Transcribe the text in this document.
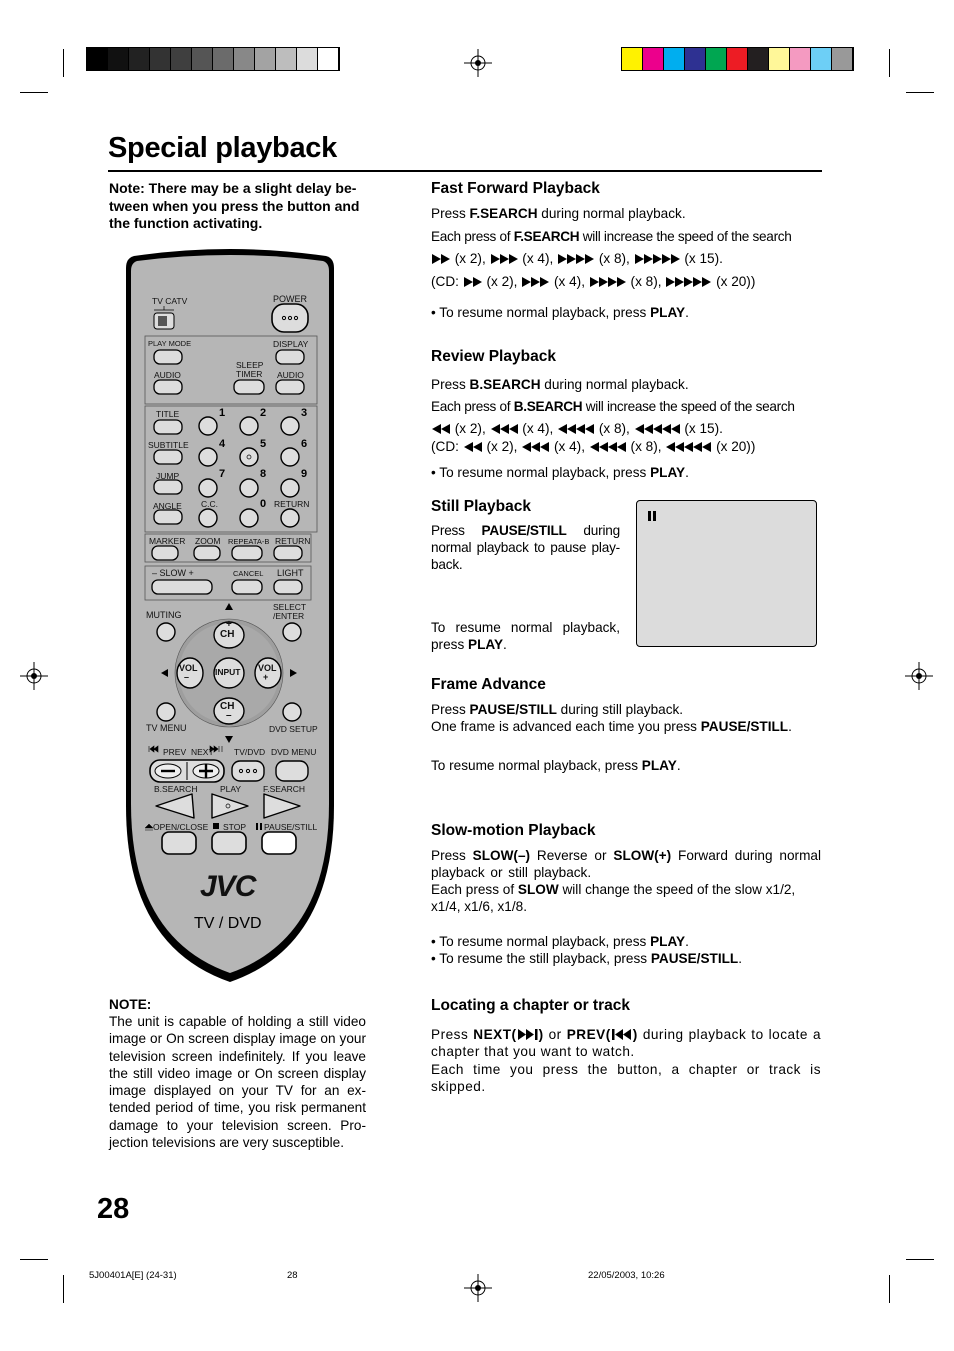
Special playback
Note: There may be a slight delay be-tween when you press the button and the function activating.
TV CATV	POWER
PLAY MODE	DISPLAY
SLEEP
TIMER
AUDIO	AUDIO
TITLE
SUBTITLE
JUMP
ANGLE C.C.	RETURN
1	2	3
4	5	6
7	8	9
0
MARKER ZOOM REPEATA-B RETURN
– SLOW +	CANCEL LIGHT
MUTING
SELECT
/ENTER
+
CH
CH
–
VOL
–
VOL
+
INPUT
TV MENU	DVD SETUP
PREV NEXT TV/DVD DVD MENU
B.SEARCH	PLAY	F.SEARCH
OPEN/CLOSE STOP PAUSE/STILL
JVC
TV / DVD
NOTE:
The unit is capable of holding a still video image or On screen display image on your television screen indefinitely. If you leave the still video image or On screen display image displayed on your TV for an ex-tended period of time, you risk permanent damage to your television screen. Pro-jection televisions are very susceptible.
Fast Forward Playback
Press F.SEARCH during normal playback.
Each press of F.SEARCH will increase the speed of the search
(x 2),  (x 4),	(x 8),	(x 15).
(CD:  (x 2),  (x 4),	(x 8),	(x 20))
• To resume normal playback, press PLAY.
Review Playback
Press B.SEARCH during normal playback.
Each press of B.SEARCH will increase the speed of the search
(x 2),  (x 4),	(x 8),	(x 15).
(CD:  (x 2),  (x 4),	(x 8),	(x 20))
• To resume normal playback, press PLAY.
Still Playback
Press PAUSE/STILL during normal playback to pause play-back.
To resume normal playback, press PLAY.
Frame Advance
Press PAUSE/STILL during still playback.
One frame is advanced each time you press PAUSE/STILL.
To resume normal playback, press PLAY.
Slow-motion Playback
Press SLOW(–) Reverse or SLOW(+) Forward during normal playback or still playback.
Each press of SLOW will change the speed of the slow x1/2, x1/4, x1/6, x1/8.
• To resume normal playback, press PLAY.
• To resume the still playback, press PAUSE/STILL.
Locating a chapter or track
Press NEXT( ) or PREV( ) during playback to locate a chapter that you want to watch.
Each time you press the button, a chapter or track is skipped.
28
5J00401A[E] (24-31)	28	22/05/2003, 10:26
